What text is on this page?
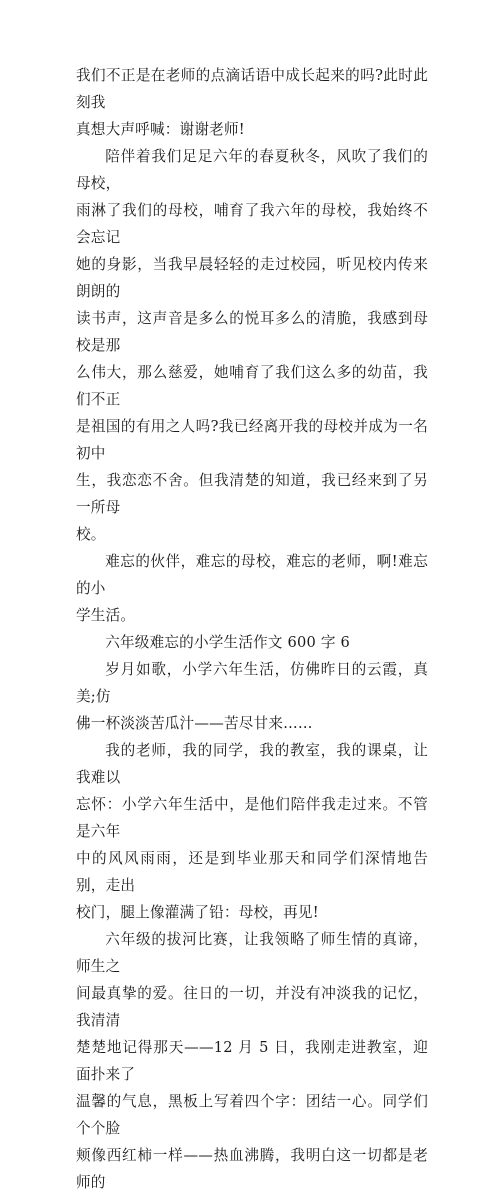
我们不正是在老师的点滴话语中成长起来的吗?此时此刻我

真想大声呼喊：谢谢老师!

陪伴着我们足足六年的春夏秋冬，风吹了我们的母校，

雨淋了我们的母校，哺育了我六年的母校，我始终不会忘记

她的身影，当我早晨轻轻的走过校园，听见校内传来朗朗的

读书声，这声音是多么的悦耳多么的清脆，我感到母校是那

么伟大，那么慈爱，她哺育了我们这么多的幼苗，我们不正

是祖国的有用之人吗?我已经离开我的母校并成为一名初中

生，我恋恋不舍。但我清楚的知道，我已经来到了另一所母

校。

难忘的伙伴，难忘的母校，难忘的老师，啊!难忘的小

学生活。

六年级难忘的小学生活作文 600 字 6

岁月如歌，小学六年生活，仿佛昨日的云霞，真美;仿

佛一杯淡淡苦瓜汁——苦尽甘来……

我的老师，我的同学，我的教室，我的课桌，让我难以

忘怀：小学六年生活中，是他们陪伴我走过来。不管是六年

中的风风雨雨，还是到毕业那天和同学们深情地告别，走出

校门，腿上像灌满了铅：母校，再见!

六年级的拔河比赛，让我领略了师生情的真谛，师生之

间最真挚的爱。往日的一切，并没有冲淡我的记忆，我清清

楚楚地记得那天——12 月 5 日，我刚走进教室，迎面扑来了

温馨的气息，黑板上写着四个字：团结一心。同学们个个脸

颊像西红柿一样——热血沸腾，我明白这一切都是老师的
